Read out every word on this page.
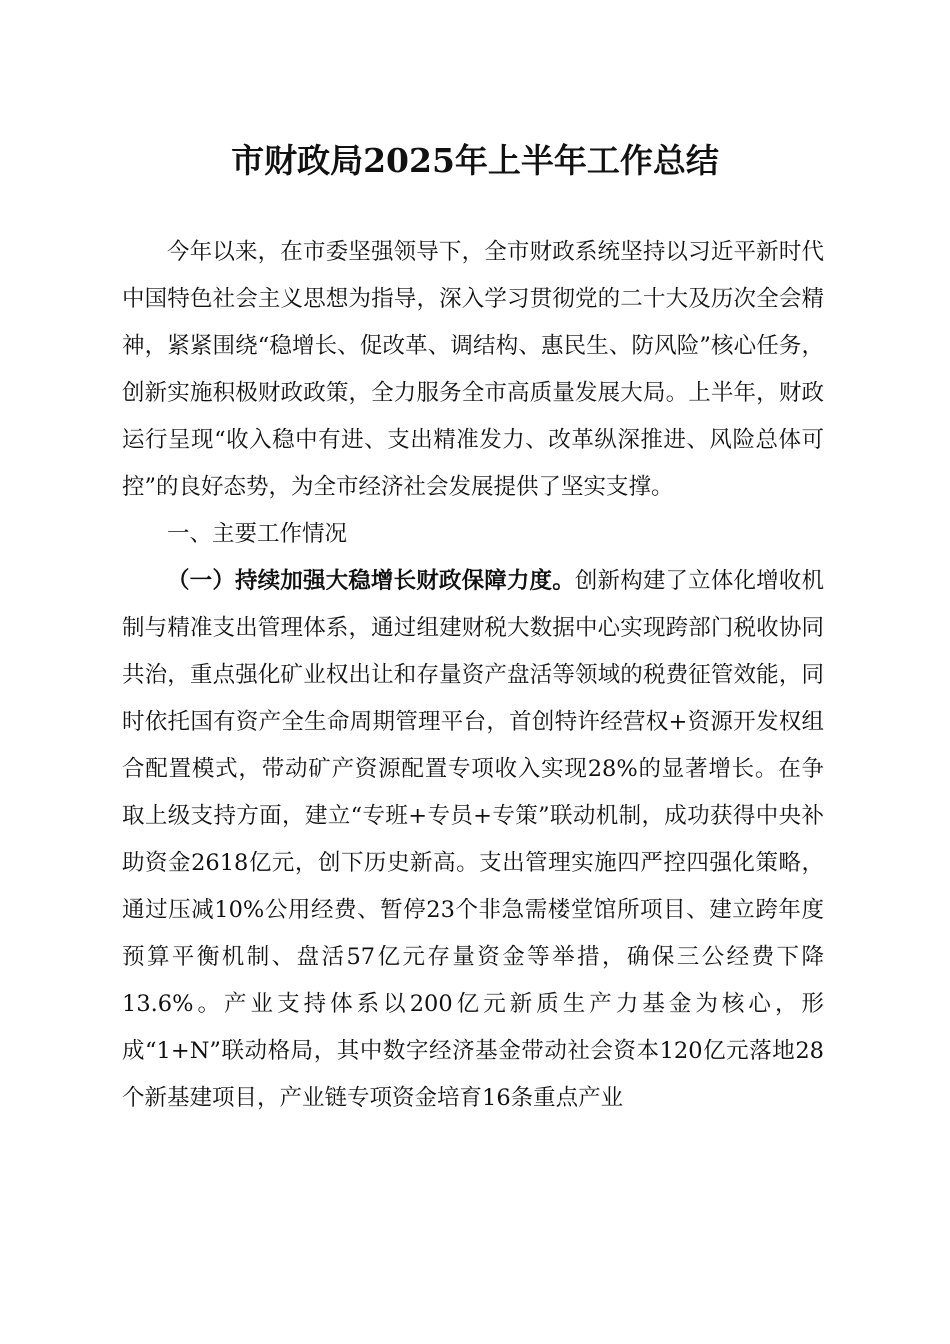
市财政局2025年上半年工作总结

今年以来，在市委坚强领导下，全市财政系统坚持以习近平新时代中国特色社会主义思想为指导，深入学习贯彻党的二十大及历次全会精神，紧紧围绕“稳增长、促改革、调结构、惠民生、防风险”核心任务，创新实施积极财政政策，全力服务全市高质量发展大局。上半年，财政运行呈现“收入稳中有进、支出精准发力、改革纵深推进、风险总体可控”的良好态势，为全市经济社会发展提供了坚实支撑。

一、主要工作情况

（一）持续加强大稳增长财政保障力度。创新构建了立体化增收机制与精准支出管理体系，通过组建财税大数据中心实现跨部门税收协同共治，重点强化矿业权出让和存量资产盘活等领域的税费征管效能，同时依托国有资产全生命周期管理平台，首创特许经营权+资源开发权组合配置模式，带动矿产资源配置专项收入实现28%的显著增长。在争取上级支持方面，建立“专班+专员+专策”联动机制，成功获得中央补助资金2618亿元，创下历史新高。支出管理实施四严控四强化策略，通过压减10%公用经费、暂停23个非急需楼堂馆所项目、建立跨年度预算平衡机制、盘活57亿元存量资金等举措，确保三公经费下降13.6%。产业支持体系以200亿元新质生产力基金为核心，形成“1+N”联动格局，其中数字经济基金带动社会资本120亿元落地28个新基建项目，产业链专项资金培育16条重点产业
